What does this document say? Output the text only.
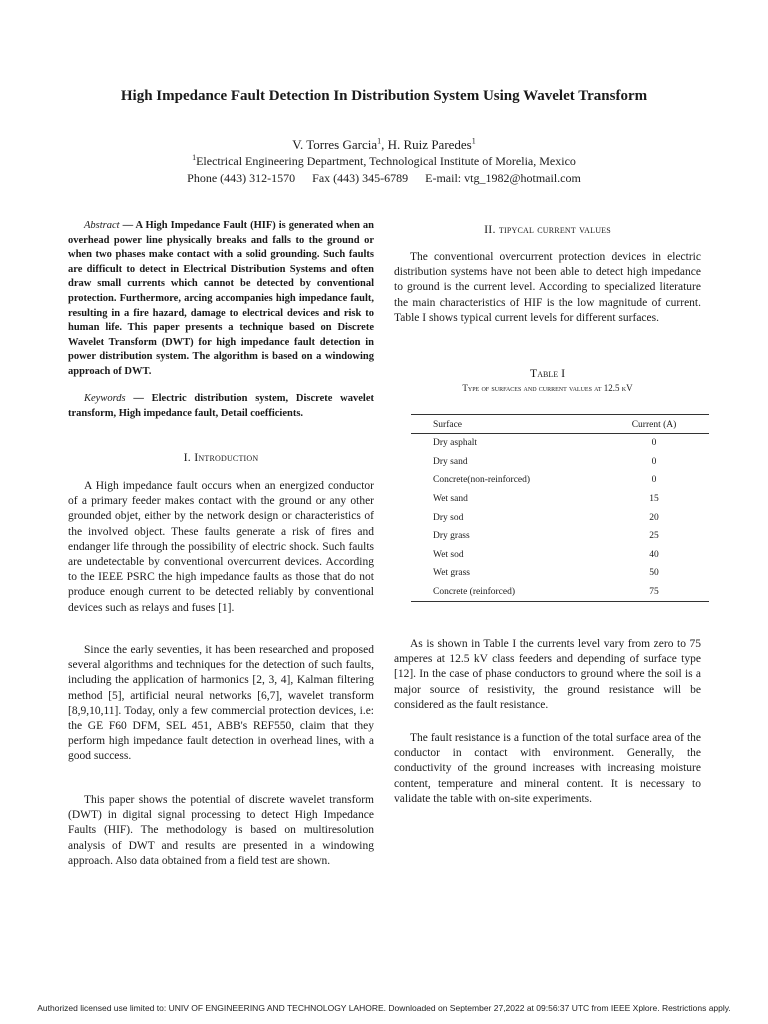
High Impedance Fault Detection In Distribution System Using Wavelet Transform
V. Torres Garcia$^1$, H. Ruiz Paredes$^1$
$^1$Electrical Engineering Department, Technological Institute of Morelia, Mexico
Phone (443) 312-1570 Fax (443) 345-6789 E-mail: vtg_1982@hotmail.com

Abstract — A High Impedance Fault (HIF) is generated when an overhead power line physically breaks and falls to the ground or when two phases make contact with a solid grounding. Such faults are difficult to detect in Electrical Distribution Systems and often draw small currents which cannot be detected by conventional protection. Furthermore, arcing accompanies high impedance fault, resulting in a fire hazard, damage to electrical devices and risk to human life. This paper presents a technique based on Discrete Wavelet Transform (DWT) for high impedance fault detection in power distribution system. The algorithm is based on a windowing approach of DWT.

Keywords — Electric distribution system, Discrete wavelet transform, High impedance fault, Detail coefficients.

I. Introduction

A High impedance fault occurs when an energized conductor of a primary feeder makes contact with the ground or any other grounded objet, either by the network design or characteristics of the involved object. These faults generate a risk of fires and endanger life through the possibility of electric shock. Such faults are undetectable by conventional overcurrent devices. According to the IEEE PSRC the high impedance faults as those that do not produce enough current to be detected reliably by conventional devices such as relays and fuses [1].

Since the early seventies, it has been researched and proposed several algorithms and techniques for the detection of such faults, including the application of harmonics [2, 3, 4], Kalman filtering method [5], artificial neural networks [6,7], wavelet transform [8,9,10,11]. Today, only a few commercial protection devices, i.e: the GE F60 DFM, SEL 451, ABB's REF550, claim that they perform high impedance fault detection in overhead lines, with a good success.

This paper shows the potential of discrete wavelet transform (DWT) in digital signal processing to detect High Impedance Faults (HIF). The methodology is based on multiresolution analysis of DWT and results are presented in a windowing approach. Also data obtained from a field test are shown.

II. tipycal current values

The conventional overcurrent protection devices in electric distribution systems have not been able to detect high impedance to ground is the current level. According to specialized literature the main characteristics of HIF is the low magnitude of current. Table I shows typical current levels for different surfaces.

Table I
Type of surfaces and current values at 12.5 kV
Surface	Current (A)
Dry asphalt	0
Dry sand	0
Concrete(non-reinforced)	0
Wet sand	15
Dry sod	20
Dry grass	25
Wet sod	40
Wet grass	50
Concrete (reinforced)	75

As is shown in Table I the currents level vary from zero to 75 amperes at 12.5 kV class feeders and depending of surface type [12]. In the case of phase conductors to ground where the soil is a major source of resistivity, the ground resistance will be considered as the fault resistance.

The fault resistance is a function of the total surface area of the conductor in contact with environment. Generally, the conductivity of the ground increases with increasing moisture content, temperature and mineral content. It is necessary to validate the table with on-site experiments.

Authorized licensed use limited to: UNIV OF ENGINEERING AND TECHNOLOGY LAHORE. Downloaded on September 27,2022 at 09:56:37 UTC from IEEE Xplore. Restrictions apply.
